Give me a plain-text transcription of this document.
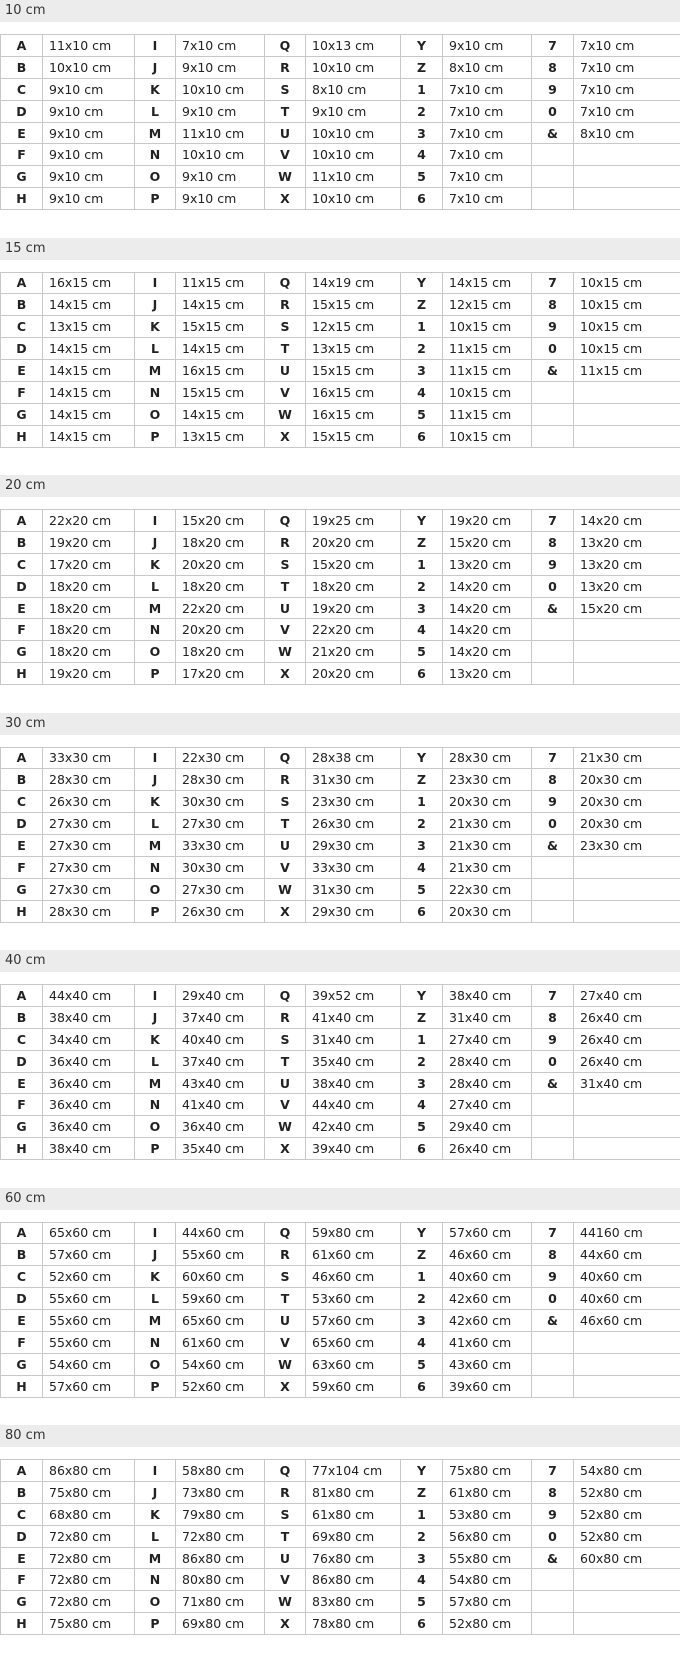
10 cm
A	11x10 cm	I	7x10 cm	Q	10x13 cm	Y	9x10 cm	7	7x10 cm
B	10x10 cm	J	9x10 cm	R	10x10 cm	Z	8x10 cm	8	7x10 cm
C	9x10 cm	K	10x10 cm	S	8x10 cm	1	7x10 cm	9	7x10 cm
D	9x10 cm	L	9x10 cm	T	9x10 cm	2	7x10 cm	0	7x10 cm
E	9x10 cm	M	11x10 cm	U	10x10 cm	3	7x10 cm	&	8x10 cm
F	9x10 cm	N	10x10 cm	V	10x10 cm	4	7x10 cm		
G	9x10 cm	O	9x10 cm	W	11x10 cm	5	7x10 cm		
H	9x10 cm	P	9x10 cm	X	10x10 cm	6	7x10 cm		
15 cm
A	16x15 cm	I	11x15 cm	Q	14x19 cm	Y	14x15 cm	7	10x15 cm
B	14x15 cm	J	14x15 cm	R	15x15 cm	Z	12x15 cm	8	10x15 cm
C	13x15 cm	K	15x15 cm	S	12x15 cm	1	10x15 cm	9	10x15 cm
D	14x15 cm	L	14x15 cm	T	13x15 cm	2	11x15 cm	0	10x15 cm
E	14x15 cm	M	16x15 cm	U	15x15 cm	3	11x15 cm	&	11x15 cm
F	14x15 cm	N	15x15 cm	V	16x15 cm	4	10x15 cm		
G	14x15 cm	O	14x15 cm	W	16x15 cm	5	11x15 cm		
H	14x15 cm	P	13x15 cm	X	15x15 cm	6	10x15 cm		
20 cm
A	22x20 cm	I	15x20 cm	Q	19x25 cm	Y	19x20 cm	7	14x20 cm
B	19x20 cm	J	18x20 cm	R	20x20 cm	Z	15x20 cm	8	13x20 cm
C	17x20 cm	K	20x20 cm	S	15x20 cm	1	13x20 cm	9	13x20 cm
D	18x20 cm	L	18x20 cm	T	18x20 cm	2	14x20 cm	0	13x20 cm
E	18x20 cm	M	22x20 cm	U	19x20 cm	3	14x20 cm	&	15x20 cm
F	18x20 cm	N	20x20 cm	V	22x20 cm	4	14x20 cm		
G	18x20 cm	O	18x20 cm	W	21x20 cm	5	14x20 cm		
H	19x20 cm	P	17x20 cm	X	20x20 cm	6	13x20 cm		
30 cm
A	33x30 cm	I	22x30 cm	Q	28x38 cm	Y	28x30 cm	7	21x30 cm
B	28x30 cm	J	28x30 cm	R	31x30 cm	Z	23x30 cm	8	20x30 cm
C	26x30 cm	K	30x30 cm	S	23x30 cm	1	20x30 cm	9	20x30 cm
D	27x30 cm	L	27x30 cm	T	26x30 cm	2	21x30 cm	0	20x30 cm
E	27x30 cm	M	33x30 cm	U	29x30 cm	3	21x30 cm	&	23x30 cm
F	27x30 cm	N	30x30 cm	V	33x30 cm	4	21x30 cm		
G	27x30 cm	O	27x30 cm	W	31x30 cm	5	22x30 cm		
H	28x30 cm	P	26x30 cm	X	29x30 cm	6	20x30 cm		
40 cm
A	44x40 cm	I	29x40 cm	Q	39x52 cm	Y	38x40 cm	7	27x40 cm
B	38x40 cm	J	37x40 cm	R	41x40 cm	Z	31x40 cm	8	26x40 cm
C	34x40 cm	K	40x40 cm	S	31x40 cm	1	27x40 cm	9	26x40 cm
D	36x40 cm	L	37x40 cm	T	35x40 cm	2	28x40 cm	0	26x40 cm
E	36x40 cm	M	43x40 cm	U	38x40 cm	3	28x40 cm	&	31x40 cm
F	36x40 cm	N	41x40 cm	V	44x40 cm	4	27x40 cm		
G	36x40 cm	O	36x40 cm	W	42x40 cm	5	29x40 cm		
H	38x40 cm	P	35x40 cm	X	39x40 cm	6	26x40 cm		
60 cm
A	65x60 cm	I	44x60 cm	Q	59x80 cm	Y	57x60 cm	7	44160 cm
B	57x60 cm	J	55x60 cm	R	61x60 cm	Z	46x60 cm	8	44x60 cm
C	52x60 cm	K	60x60 cm	S	46x60 cm	1	40x60 cm	9	40x60 cm
D	55x60 cm	L	59x60 cm	T	53x60 cm	2	42x60 cm	0	40x60 cm
E	55x60 cm	M	65x60 cm	U	57x60 cm	3	42x60 cm	&	46x60 cm
F	55x60 cm	N	61x60 cm	V	65x60 cm	4	41x60 cm		
G	54x60 cm	O	54x60 cm	W	63x60 cm	5	43x60 cm		
H	57x60 cm	P	52x60 cm	X	59x60 cm	6	39x60 cm		
80 cm
A	86x80 cm	I	58x80 cm	Q	77x104 cm	Y	75x80 cm	7	54x80 cm
B	75x80 cm	J	73x80 cm	R	81x80 cm	Z	61x80 cm	8	52x80 cm
C	68x80 cm	K	79x80 cm	S	61x80 cm	1	53x80 cm	9	52x80 cm
D	72x80 cm	L	72x80 cm	T	69x80 cm	2	56x80 cm	0	52x80 cm
E	72x80 cm	M	86x80 cm	U	76x80 cm	3	55x80 cm	&	60x80 cm
F	72x80 cm	N	80x80 cm	V	86x80 cm	4	54x80 cm		
G	72x80 cm	O	71x80 cm	W	83x80 cm	5	57x80 cm		
H	75x80 cm	P	69x80 cm	X	78x80 cm	6	52x80 cm		
